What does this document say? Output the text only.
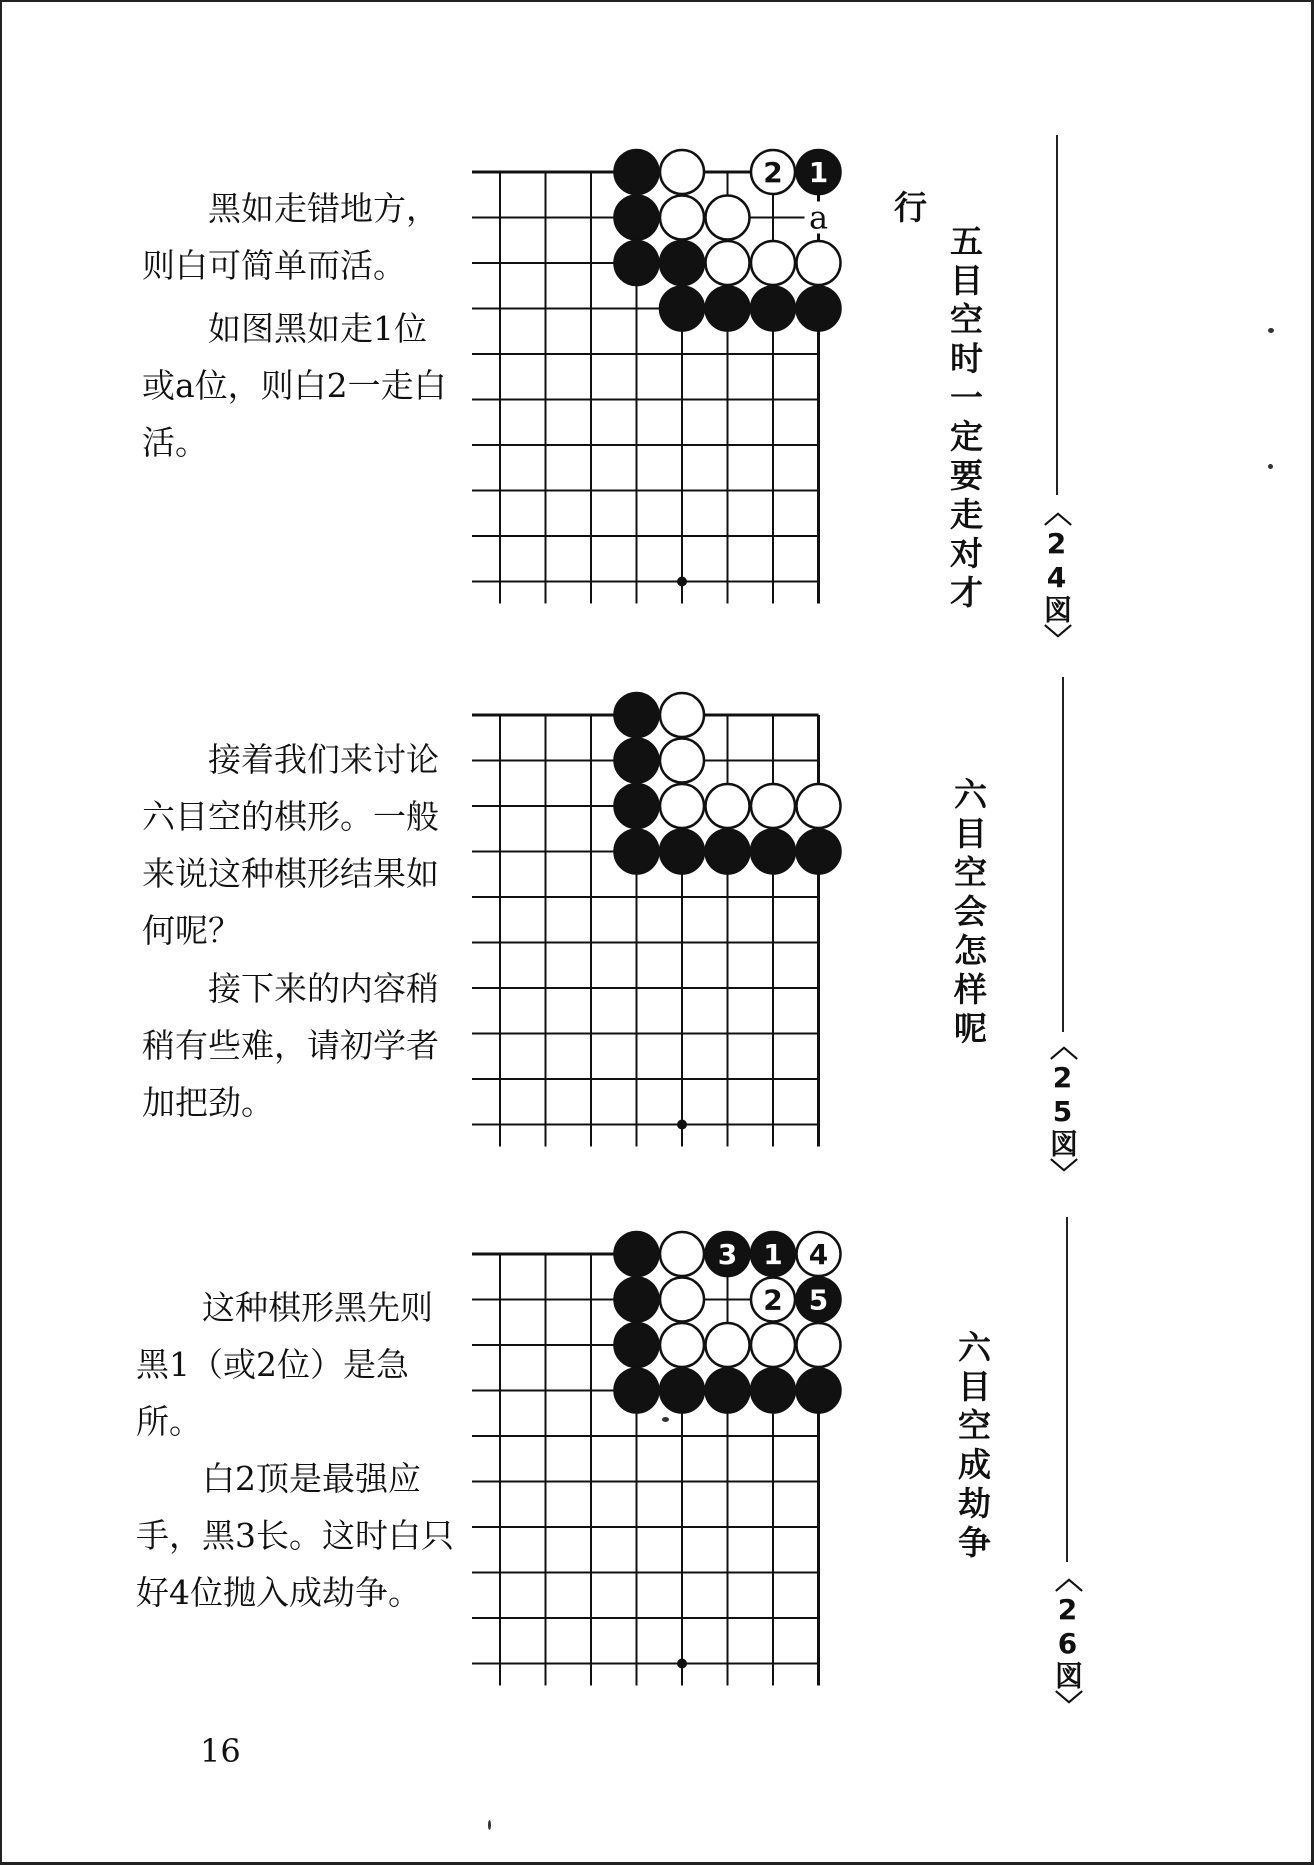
黑如走错地方，则白可简单而活。
如图黑如走1位或a位，则白2一走白活。
2 1
a
五目空时一定要走对才
行
〈24図〉
接着我们来讨论六目空的棋形。一般来说这种棋形结果如何呢？
接下来的内容稍稍有些难，请初学者加把劲。
六目空会怎样呢 〈25図〉
这种棋形黑先则黑1（或2位）是急所。
白2顶是最强应手，黑3长。这时白只好4位抛入成劫争。
3 1 4
2 5
六目空成劫争
〈26図〉
16
